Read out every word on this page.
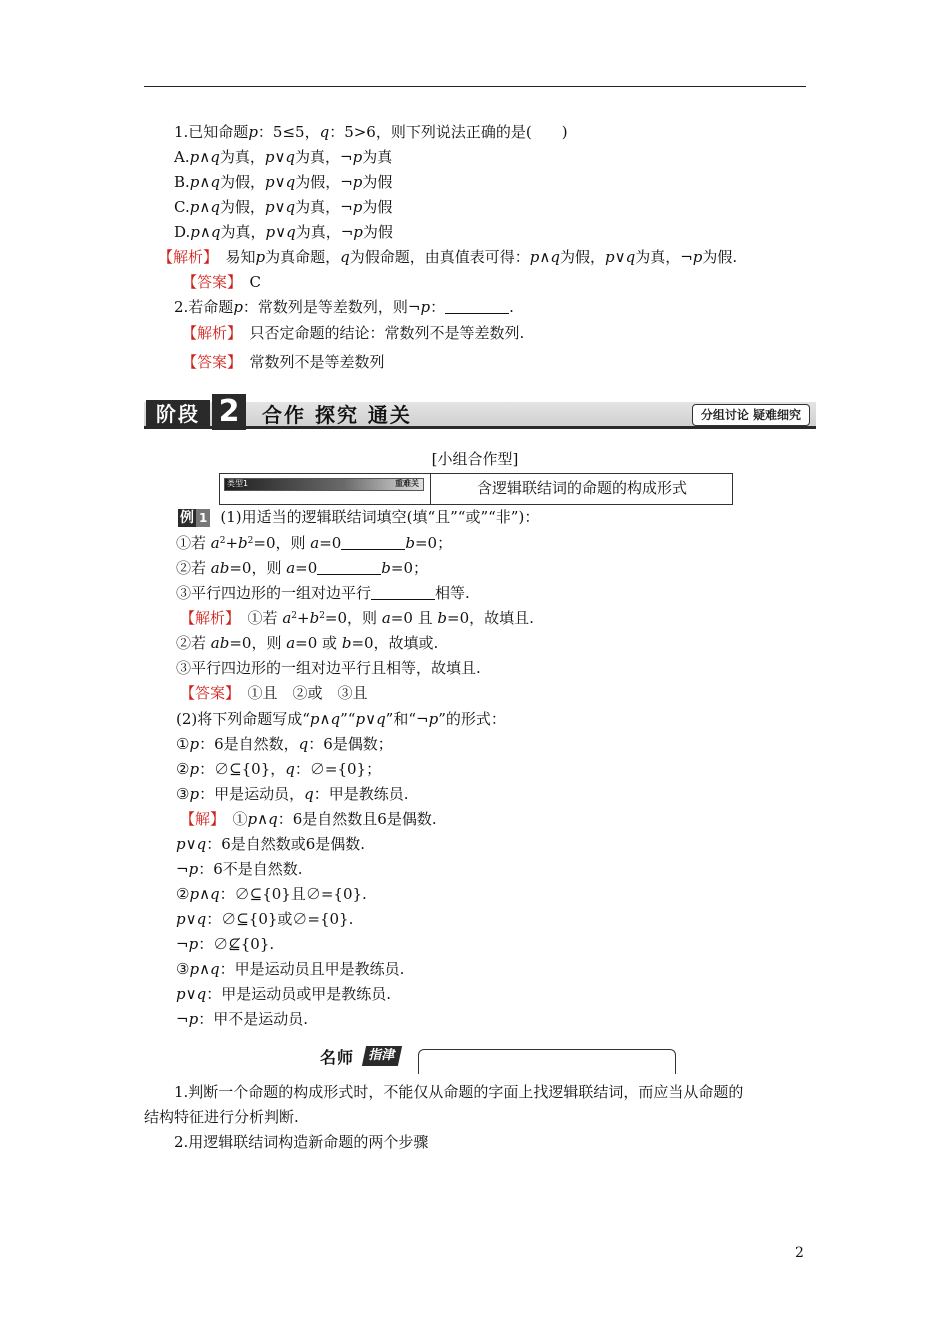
1.已知命题p：5≤5，q：5>6，则下列说法正确的是(　　)
A.p∧q为真，p∨q为真，¬p为真
B.p∧q为假，p∨q为假，¬p为假
C.p∧q为假，p∨q为真，¬p为假
D.p∧q为真，p∨q为真，¬p为假
【解析】　 易知p为真命题，q为假命题，由真值表可得：p∧q为假，p∨q为真，¬p为假.
【答案】　 C
2.若命题p：常数列是等差数列，则¬p：	.
【解析】　 只否定命题的结论：常数列不是等差数列.
【答案】　 常数列不是等差数列
阶段 2	合作 探究 通关	分组讨论 疑难细究
[小组合作型]
类型1	重难关	含逻辑联结词的命题的构成形式
例 1 (1)用适当的逻辑联结词填空(填“且”“或”“非”)：
①若 $a^2+b^2=0$，则 a=0	b=0；
②若 ab=0，则 a=0	b=0；
③平行四边形的一组对边平行	相等.
【解析】　 ①若 $a^2+b^2=0$，则 a=0 且 b=0，故填且.
②若 ab=0，则 a=0 或 b=0，故填或.
③平行四边形的一组对边平行且相等，故填且.
【答案】　 ①且　②或　③且
(2)将下列命题写成“p∧q”“p∨q”和“¬p”的形式：
①p：6是自然数，q：6是偶数；
②p：∅⊆{0}，q：∅={0}；
③p：甲是运动员，q：甲是教练员.
【解】　 ①p∧q：6是自然数且6是偶数.
p∨q：6是自然数或6是偶数.
¬p：6不是自然数.
②p∧q：∅⊆{0}且∅={0}.
p∨q：∅⊆{0}或∅={0}.
¬p：∅⊈{0}.
③p∧q：甲是运动员且甲是教练员.
p∨q：甲是运动员或甲是教练员.
¬p：甲不是运动员.
名师	指津
1.判断一个命题的构成形式时，不能仅从命题的字面上找逻辑联结词，而应当从命题的
结构特征进行分析判断.
2.用逻辑联结词构造新命题的两个步骤
2
